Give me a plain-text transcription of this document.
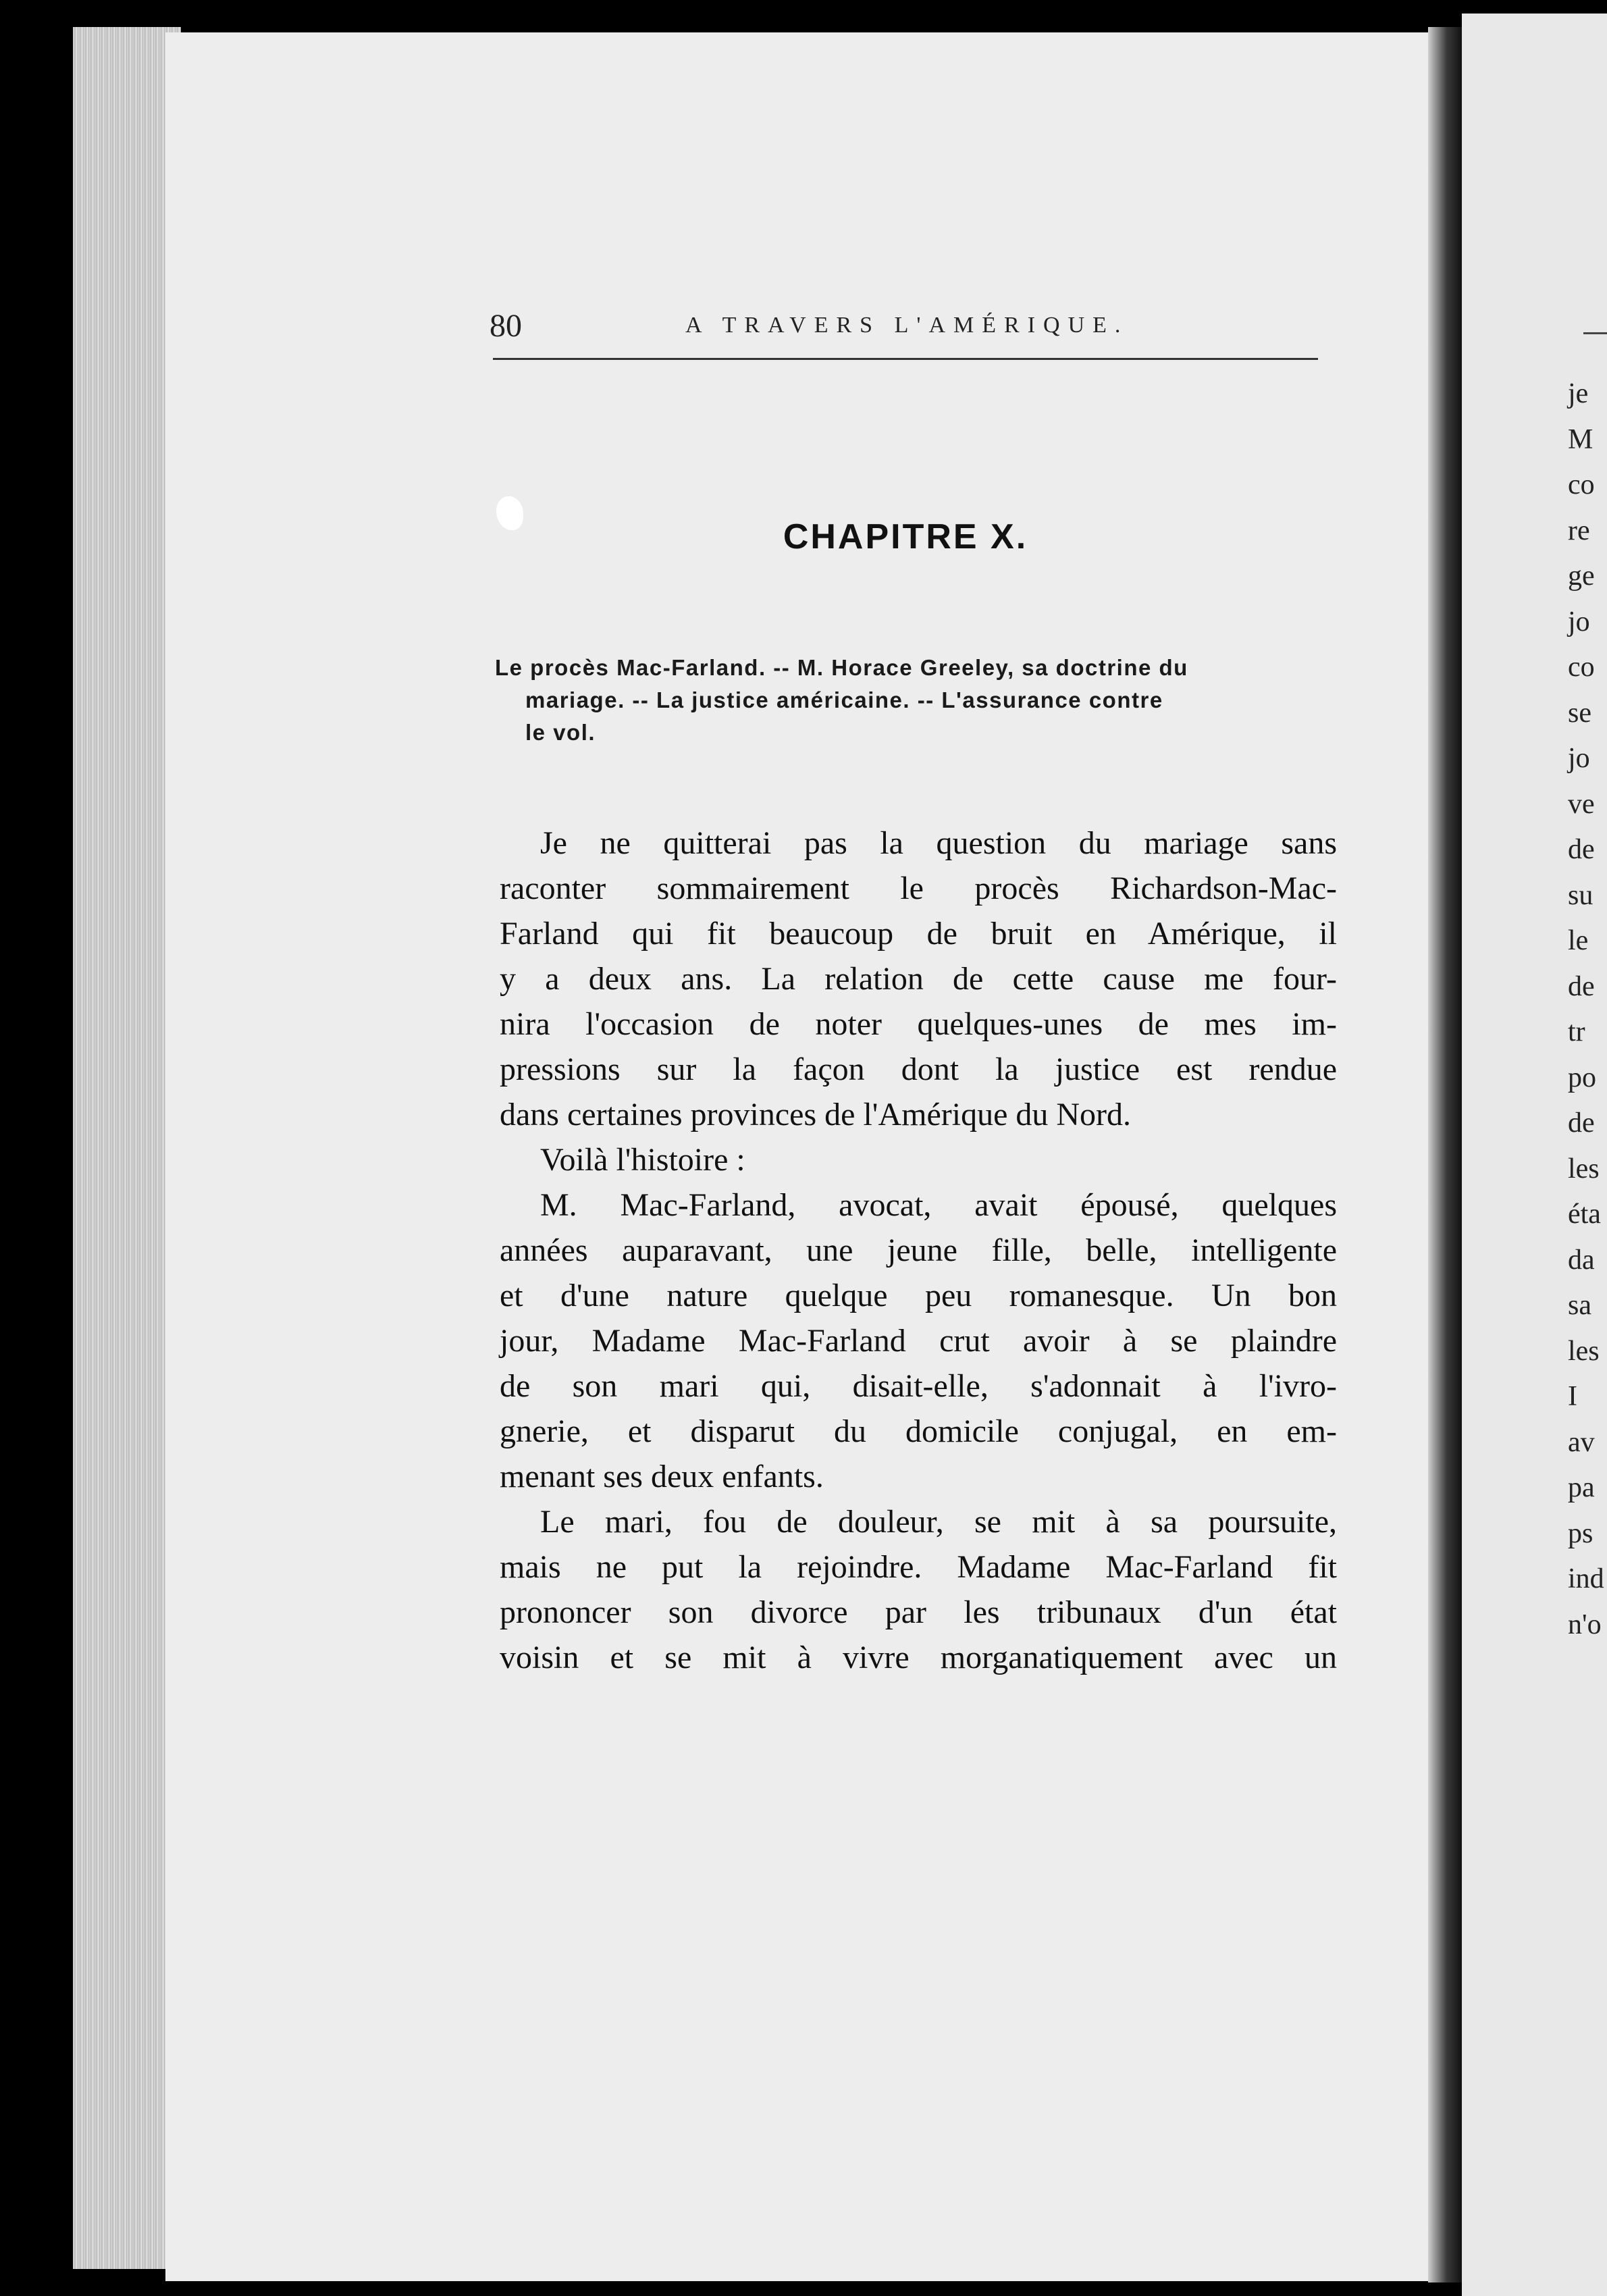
80	A TRAVERS L'AMÉRIQUE.
CHAPITRE X.
Le procès Mac-Farland. -- M. Horace Greeley, sa doctrine du
mariage. -- La justice américaine. -- L'assurance contre
le vol.
Je ne quitterai pas la question du mariage sans
raconter sommairement le procès Richardson-Mac-
Farland qui fit beaucoup de bruit en Amérique, il
y a deux ans. La relation de cette cause me four-
nira l'occasion de noter quelques-unes de mes im-
pressions sur la façon dont la justice est rendue
dans certaines provinces de l'Amérique du Nord.
Voilà l'histoire :
M. Mac-Farland, avocat, avait épousé, quelques
années auparavant, une jeune fille, belle, intelligente
et d'une nature quelque peu romanesque. Un bon
jour, Madame Mac-Farland crut avoir à se plaindre
de son mari qui, disait-elle, s'adonnait à l'ivro-
gnerie, et disparut du domicile conjugal, en em-
menant ses deux enfants.
Le mari, fou de douleur, se mit à sa poursuite,
mais ne put la rejoindre. Madame Mac-Farland fit
prononcer son divorce par les tribunaux d'un état
voisin et se mit à vivre morganatiquement avec un
je
M
co
re
ge
jo
co
se
jo
ve
de
su
le
de
tr
po
de
les
éta
da
sa
les
I
av
pa
ps
ind
n'o
